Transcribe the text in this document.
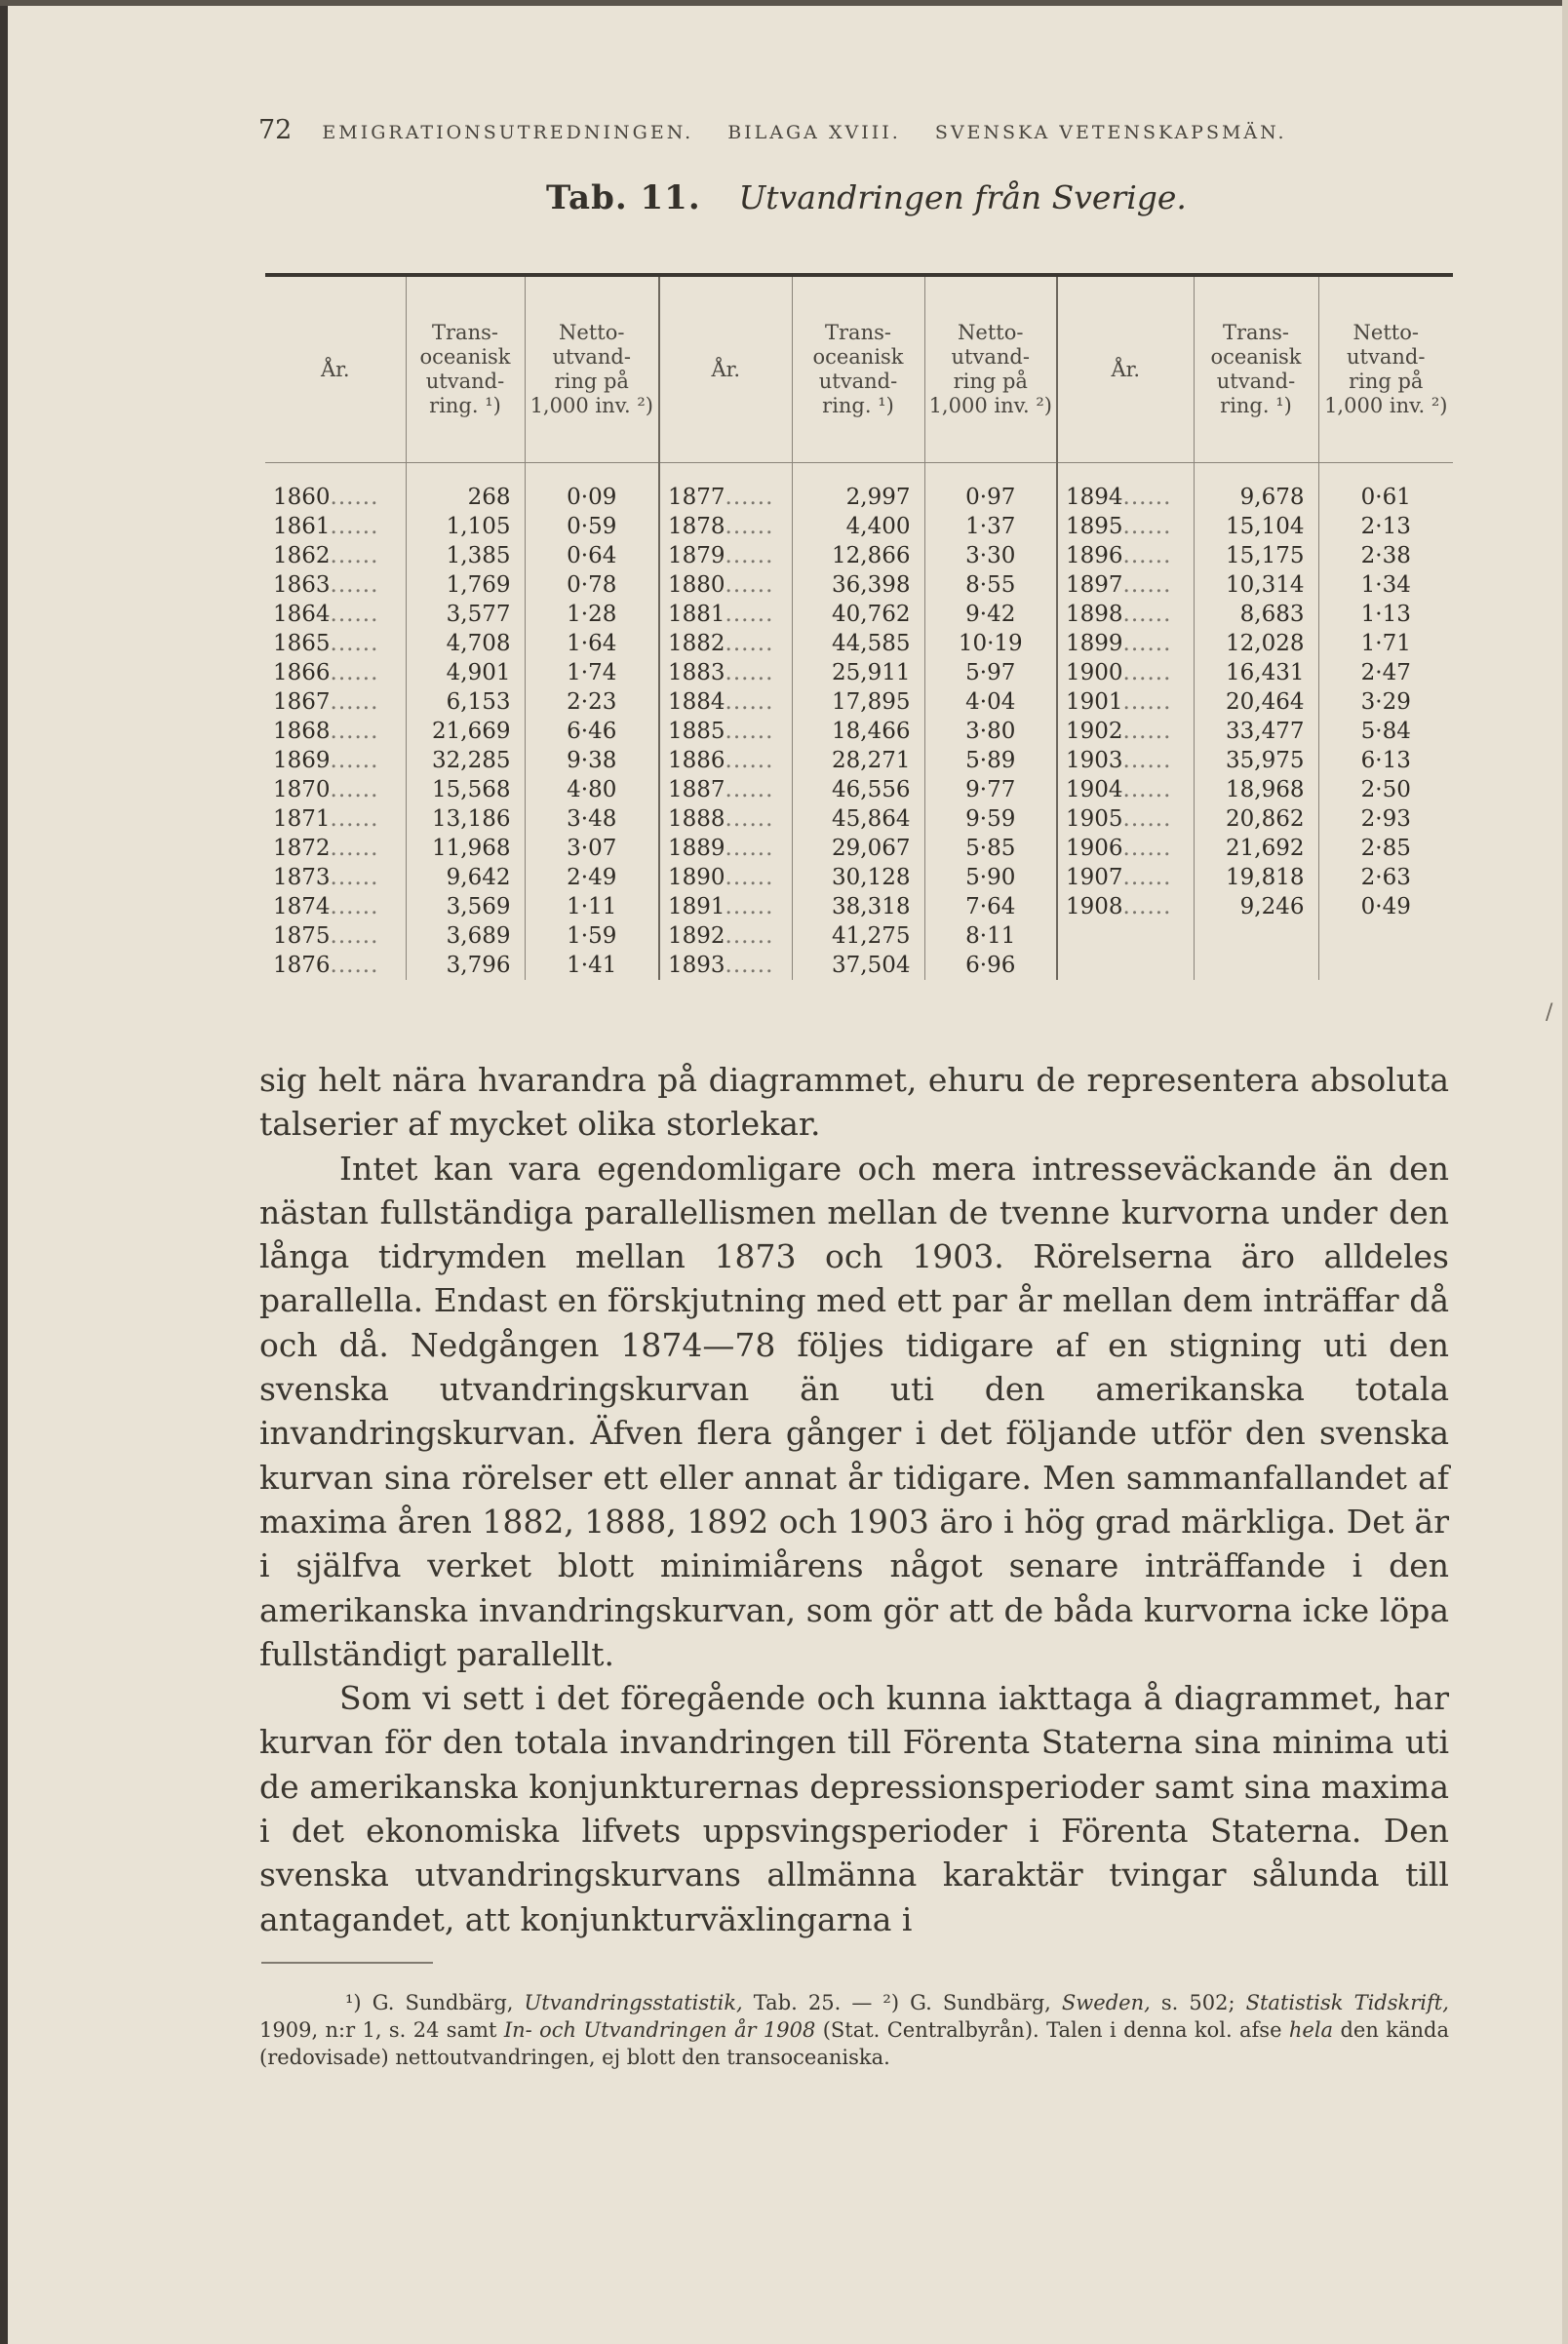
72 EMIGRATIONSUTREDNINGEN. BILAGA XVIII. SVENSKA VETENSKAPSMÄN.
Tab. 11. Utvandringen från Sverige.

År.	Trans- oceanisk utvand- ring. ¹)	Netto- utvand- ring på 1,000 inv. ²)	År.	Trans- oceanisk utvand- ring. ¹)	Netto- utvand- ring på 1,000 inv. ²)	År.	Trans- oceanisk utvand- ring. ¹)	Netto- utvand- ring på 1,000 inv. ²)

1860......	268	0·09	1877......	2,997	0·97	1894......	9,678	0·61
1861......	1,105	0·59	1878......	4,400	1·37	1895......	15,104	2·13
1862......	1,385	0·64	1879......	12,866	3·30	1896......	15,175	2·38
1863......	1,769	0·78	1880......	36,398	8·55	1897......	10,314	1·34
1864......	3,577	1·28	1881......	40,762	9·42	1898......	8,683	1·13
1865......	4,708	1·64	1882......	44,585	10·19	1899......	12,028	1·71
1866......	4,901	1·74	1883......	25,911	5·97	1900......	16,431	2·47
1867......	6,153	2·23	1884......	17,895	4·04	1901......	20,464	3·29
1868......	21,669	6·46	1885......	18,466	3·80	1902......	33,477	5·84
1869......	32,285	9·38	1886......	28,271	5·89	1903......	35,975	6·13
1870......	15,568	4·80	1887......	46,556	9·77	1904......	18,968	2·50
1871......	13,186	3·48	1888......	45,864	9·59	1905......	20,862	2·93
1872......	11,968	3·07	1889......	29,067	5·85	1906......	21,692	2·85
1873......	9,642	2·49	1890......	30,128	5·90	1907......	19,818	2·63
1874......	3,569	1·11	1891......	38,318	7·64	1908......	9,246	0·49
1875......	3,689	1·59	1892......	41,275	8·11			
1876......	3,796	1·41	1893......	37,504	6·96			

sig helt nära hvarandra på diagrammet, ehuru de representera absoluta talserier af mycket olika storlekar.

Intet kan vara egendomligare och mera intresseväckande än den nästan fullständiga parallellismen mellan de tvenne kurvorna under den långa tidrymden mellan 1873 och 1903. Rörelserna äro alldeles parallella. Endast en förskjutning med ett par år mellan dem inträffar då och då. Nedgången 1874—78 följes tidigare af en stigning uti den svenska utvandringskurvan än uti den amerikanska totala invandringskurvan. Äfven flera gånger i det följande utför den svenska kurvan sina rörelser ett eller annat år tidigare. Men sammanfallandet af maxima åren 1882, 1888, 1892 och 1903 äro i hög grad märkliga. Det är i själfva verket blott minimiårens något senare inträffande i den amerikanska invandringskurvan, som gör att de båda kurvorna icke löpa fullständigt parallellt.

Som vi sett i det föregående och kunna iakttaga å diagrammet, har kurvan för den totala invandringen till Förenta Staterna sina minima uti de amerikanska konjunkturernas depressionsperioder samt sina maxima i det ekonomiska lifvets uppsvingsperioder i Förenta Staterna. Den svenska utvandringskurvans allmänna karaktär tvingar sålunda till antagandet, att konjunkturväxlingarna i

¹) G. Sundbärg, Utvandringsstatistik, Tab. 25. — ²) G. Sundbärg, Sweden, s. 502; Statistisk Tidskrift, 1909, n:r 1, s. 24 samt In- och Utvandringen år 1908 (Stat. Centralbyrån). Talen i denna kol. afse hela den kända (redovisade) nettoutvandringen, ej blott den transoceaniska.
/
